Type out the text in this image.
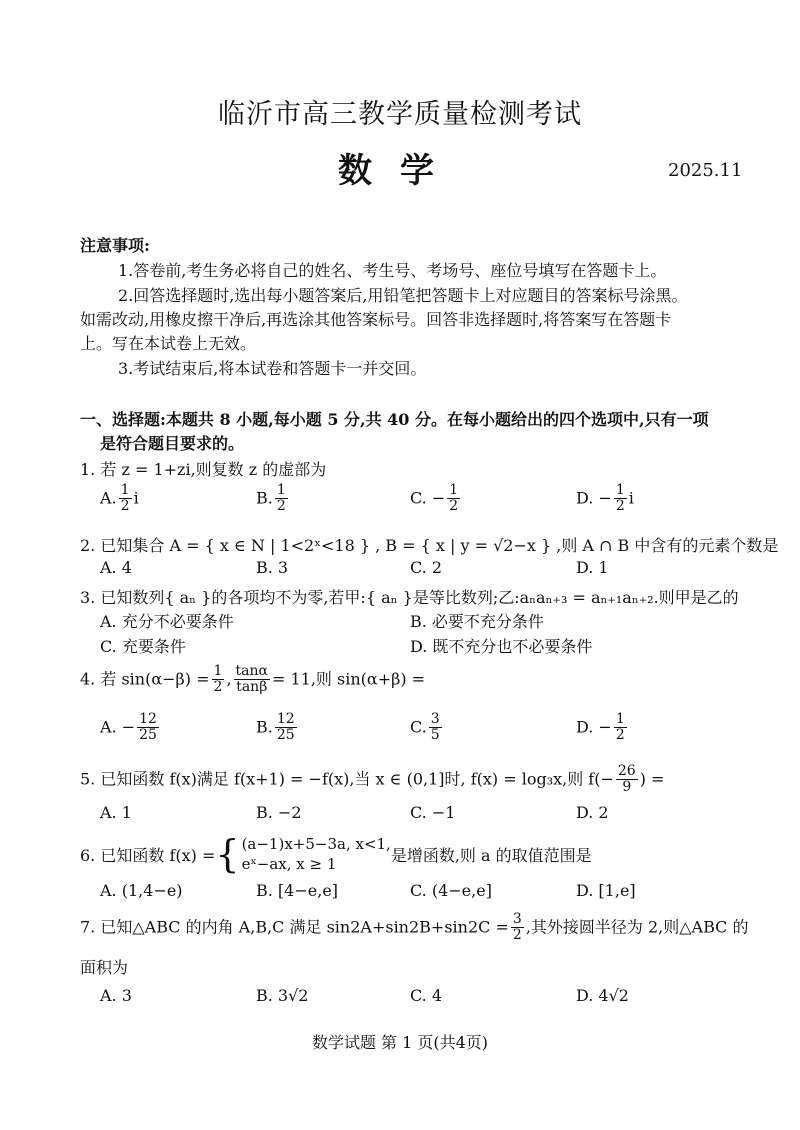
临沂市高三教学质量检测考试
数学	2025.11
注意事项:
1.答卷前,考生务必将自己的姓名、考生号、考场号、座位号填写在答题卡上。
2.回答选择题时,选出每小题答案后,用铅笔把答题卡上对应题目的答案标号涂黑。
如需改动,用橡皮擦干净后,再选涂其他答案标号。回答非选择题时,将答案写在答题卡
上。写在本试卷上无效。
3.考试结束后,将本试卷和答题卡一并交回。
一、选择题:本题共 8 小题,每小题 5 分,共 40 分。在每小题给出的四个选项中,只有一项
是符合题目要求的。
1. 若 z = 1+zi,则复数 z 的虚部为
A. $\frac{1}{2}$ i	B. $\frac{1}{2}$	C. − $\frac{1}{2}$	D. − $\frac{1}{2}$ i
2. 已知集合 A = { x ∈ N | 1<2ˣ<18 } , B = { x | y = √2−x } ,则 A ∩ B 中含有的元素个数是
A. 4	B. 3	C. 2	D. 1
3. 已知数列{ aₙ }的各项均不为零,若甲:{ aₙ }是等比数列;乙:aₙaₙ₊₃ = aₙ₊₁aₙ₊₂.则甲是乙的
A. 充分不必要条件	B. 必要不充分条件
C. 充要条件	D. 既不充分也不必要条件
4. 若 $\sin(\alpha-\beta) = \frac{1}{2}$ , $\frac{\tan\alpha}{\tan\beta} = 11$,则 sin(α+β) =
A. − $\frac{12}{25}$	B. $\frac{12}{25}$	C. $\frac{3}{5}$	D. − $\frac{1}{2}$
5. 已知函数 f(x)满足 f(x+1) = −f(x),当 x ∈ (0,1]时, f(x) = log₃x,则 $f(- \frac{26}{9}$ ) =
A. 1	B. −2	C. −1	D. 2
6. 已知函数 f(x) ={ (a−1)x+5−3a, x<1,
eˣ−ax, x ≥ 1	是增函数,则 a 的取值范围是
A. (1,4−e)	B. [4−e,e]	C. (4−e,e]	D. [1,e]
7. 已知△ABC 的内角 A,B,C 满足 $\sin 2A+\sin 2B+\sin 2C = \frac{3}{2}$ ,其外接圆半径为 2,则△ABC 的
面积为
A. 3	B. 3√2	C. 4	D. 4√2
数学试题 第 1 页(共4页)
